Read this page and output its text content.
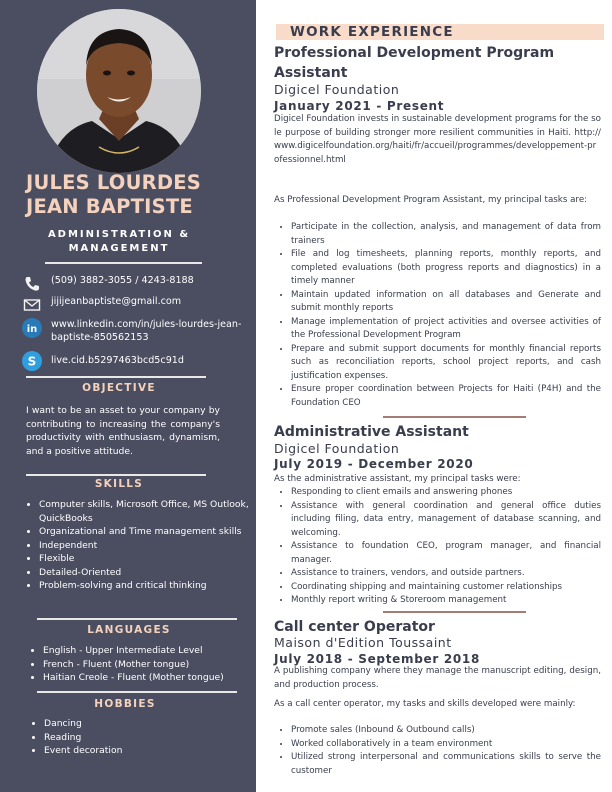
JULES LOURDES
JEAN BAPTISTE
ADMINISTRATION & MANAGEMENT
(509) 3882-3055 / 4243-8188
jijijeanbaptiste@gmail.com
in www.linkedin.com/in/jules-lourdes-jean-baptiste-850562153
S live.cid.b5297463bcd5c91d
OBJECTIVE
I want to be an asset to your company by contributing to increasing the company's productivity with enthusiasm, dynamism, and a positive attitude.
SKILLS
• Computer skills, Microsoft Office, MS Outlook, QuickBooks
• Organizational and Time management skills
• Independent
• Flexible
• Detailed-Oriented
• Problem-solving and critical thinking
LANGUAGES
• English - Upper Intermediate Level
• French - Fluent (Mother tongue)
• Haitian Creole - Fluent (Mother tongue)
HOBBIES
• Dancing
• Reading
• Event decoration
WORK EXPERIENCE
Professional Development Program Assistant
Digicel Foundation
January 2021 - Present
Digicel Foundation invests in sustainable development programs for the sole purpose of building stronger more resilient communities in Haiti. http://www.digicelfoundation.org/haiti/fr/accueil/programmes/developpement-professionnel.html
As Professional Development Program Assistant, my principal tasks are:
• Participate in the collection, analysis, and management of data from trainers
• File and log timesheets, planning reports, monthly reports, and completed evaluations (both progress reports and diagnostics) in a timely manner
• Maintain updated information on all databases and Generate and submit monthly reports
• Manage implementation of project activities and oversee activities of the Professional Development Program
• Prepare and submit support documents for monthly financial reports such as reconciliation reports, school project reports, and cash justification expenses.
• Ensure proper coordination between Projects for Haiti (P4H) and the Foundation CEO
Administrative Assistant
Digicel Foundation
July 2019 - December 2020
As the administrative assistant, my principal tasks were:
• Responding to client emails and answering phones
• Assistance with general coordination and general office duties including filing, data entry, management of database scanning, and welcoming.
• Assistance to foundation CEO, program manager, and financial manager.
• Assistance to trainers, vendors, and outside partners.
• Coordinating shipping and maintaining customer relationships
• Monthly report writing & Storeroom management
Call center Operator
Maison d'Edition Toussaint
July 2018 - September 2018
A publishing company where they manage the manuscript editing, design, and production process.
As a call center operator, my tasks and skills developed were mainly:
• Promote sales (Inbound & Outbound calls)
• Worked collaboratively in a team environment
• Utilized strong interpersonal and communications skills to serve the customer
